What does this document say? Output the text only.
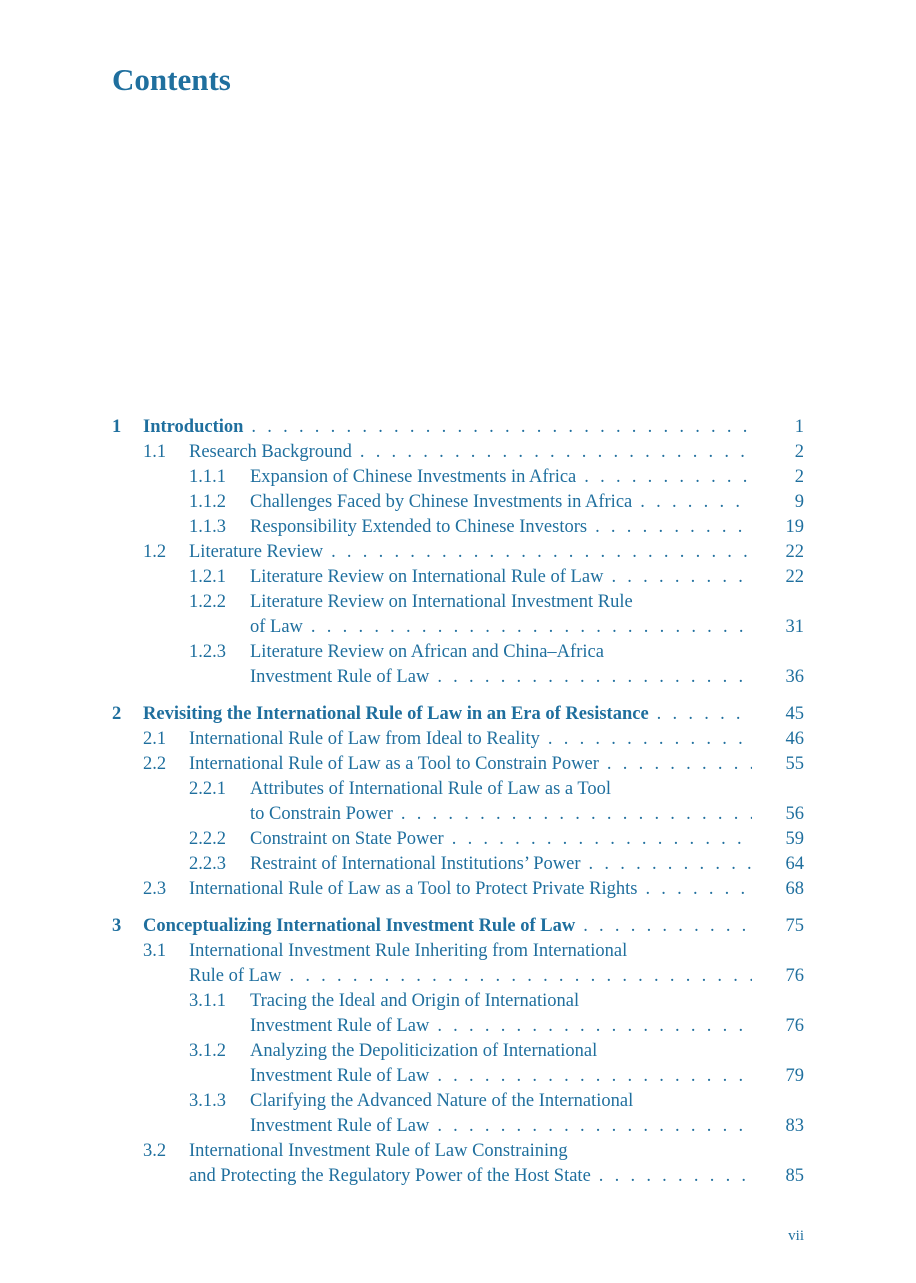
Contents
1 Introduction . . .	1
1.1 Research Background . . .	2
1.1.1 Expansion of Chinese Investments in Africa . . .	2
1.1.2 Challenges Faced by Chinese Investments in Africa . . .	9
1.1.3 Responsibility Extended to Chinese Investors . . .	19
1.2 Literature Review . . .	22
1.2.1 Literature Review on International Rule of Law . . .	22
1.2.2 Literature Review on International Investment Rule
of Law . . .	31
1.2.3 Literature Review on African and China–Africa
Investment Rule of Law . . .	36
2 Revisiting the International Rule of Law in an Era of Resistance . . .	45
2.1 International Rule of Law from Ideal to Reality . . .	46
2.2 International Rule of Law as a Tool to Constrain Power . . .	55
2.2.1 Attributes of International Rule of Law as a Tool
to Constrain Power . . .	56
2.2.2 Constraint on State Power . . .	59
2.2.3 Restraint of International Institutions’ Power . . .	64
2.3 International Rule of Law as a Tool to Protect Private Rights . . .	68
3 Conceptualizing International Investment Rule of Law . . .	75
3.1 International Investment Rule Inheriting from International
Rule of Law . . .	76
3.1.1 Tracing the Ideal and Origin of International
Investment Rule of Law . . .	76
3.1.2 Analyzing the Depoliticization of International
Investment Rule of Law . . .	79
3.1.3 Clarifying the Advanced Nature of the International
Investment Rule of Law . . .	83
3.2 International Investment Rule of Law Constraining
and Protecting the Regulatory Power of the Host State . . .	85
vii
